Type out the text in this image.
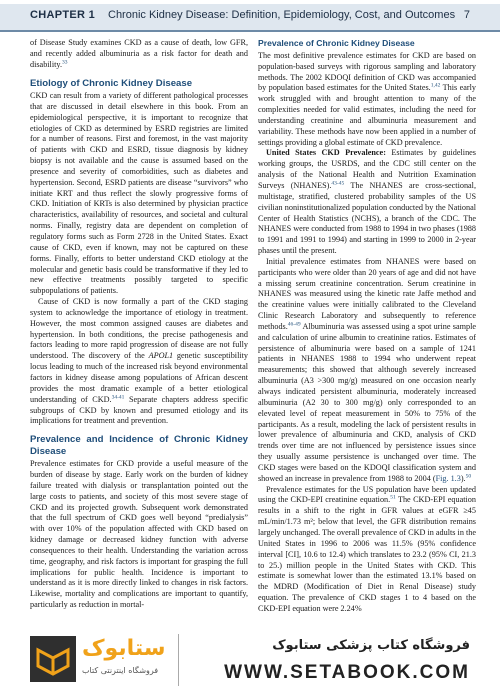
CHAPTER 1 Chronic Kidney Disease: Definition, Epidemiology, Cost, and Outcomes 7

of Disease Study examines CKD as a cause of death, low GFR, and recently added albuminuria as a risk factor for death and disability.$^{33}$

Etiology of Chronic Kidney Disease

CKD can result from a variety of different pathological processes that are discussed in detail elsewhere in this book. From an epidemiological perspective, it is important to recognize that etiologies of CKD as determined by ESRD registries are limited for a number of reasons. First and foremost, in the vast majority of patients with CKD and ESRD, tissue diagnosis by kidney biopsy is not available and the cause is assumed based on the presence and severity of comorbidities, such as diabetes and hypertension. Second, ESRD patients are disease “survivors” who initiate KRT and thus reflect the slowly progressive forms of CKD. Initiation of KRTs is also determined by physician practice characteristics, availability of resources, and societal and cultural norms. Finally, registry data are dependent on completion of regulatory forms such as Form 2728 in the United States. Exact cause of CKD, even if known, may not be captured on these forms. Finally, efforts to better understand CKD etiology at the molecular and genetic basis could be transformative if they led to new effective treatments possibly targeted to specific subpopulations of patients.

Cause of CKD is now formally a part of the CKD staging system to acknowledge the importance of etiology in treatment. However, the most common assigned causes are diabetes and hypertension. In both conditions, the precise pathogenesis and factors leading to more rapid progression of disease are not fully understood. The discovery of the APOL1 genetic susceptibility locus leading to much of the increased risk beyond environmental factors in kidney disease among populations of African descent provides the most dramatic example of a better etiological understanding of CKD.$^{34-41}$ Separate chapters address specific subgroups of CKD by known and presumed etiology and its implications for treatment and prevention.

Prevalence and Incidence of Chronic Kidney Disease

Prevalence estimates for CKD provide a useful measure of the burden of disease by stage. Early work on the burden of kidney failure treated with dialysis or transplantation pointed out the large costs to patients, and society of this most severe stage of CKD and its projected growth. Subsequent work demonstrated that the full spectrum of CKD goes well beyond “predialysis” with over 10% of the population affected with CKD based on kidney damage or decreased kidney function with adverse consequences to their health. Understanding the variation across time, geography, and risk factors is important for grasping the full implications for public health. Incidence is important to understand as it is more directly linked to changes in risk factors. Likewise, mortality and complications are important to quantify, particularly as reduction in mortal-

Prevalence of Chronic Kidney Disease

The most definitive prevalence estimates for CKD are based on population-based surveys with rigorous sampling and laboratory methods. The 2002 KDOQI definition of CKD was accompanied by population based estimates for the United States.$^{1,42}$ This early work struggled with and brought attention to many of the complexities needed for valid estimates, including the need for understanding creatinine and albuminuria measurement and variability. These methods have now been applied in a number of settings providing a global estimate of CKD prevalence.

United States CKD Prevalence: Estimates by guidelines working groups, the USRDS, and the CDC still center on the analysis of the National Health and Nutrition Examination Surveys (NHANES).$^{43-45}$ The NHANES are cross-sectional, multistage, stratified, clustered probability samples of the US civilian noninstitutionalized population conducted by the National Center of Health Statistics (NCHS), a branch of the CDC. The NHANES were conducted from 1988 to 1994 in two phases (1988 to 1991 and 1991 to 1994) and starting in 1999 to 2000 in 2-year phases until the present.

Initial prevalence estimates from NHANES were based on participants who were older than 20 years of age and did not have a missing serum creatinine concentration. Serum creatinine in NHANES was measured using the kinetic rate Jaffe method and the creatinine values were initially calibrated to the Cleveland Clinic Research Laboratory and subsequently to reference methods.$^{46-49}$ Albuminuria was assessed using a spot urine sample and calculation of urine albumin to creatinine ratios. Estimates of persistence of albuminuria were based on a sample of 1241 patients in NHANES 1988 to 1994 who underwent repeat measurements; this showed that although severely increased albuminuria (A3 >300 mg/g) measured on one occasion nearly always indicated persistent albuminuria, moderately increased albuminuria (A2 30 to 300 mg/g) only corresponded to an elevated level of repeat measurement in 50% to 75% of the participants. As a result, modeling the lack of persistent results in lower prevalence of albuminuria and CKD, analysis of CKD trends over time are not influenced by persistence issues since they usually assume persistence is unchanged over time. The CKD stages were based on the KDOQI classification system and showed an increase in prevalence from 1988 to 2004 (Fig. 1.3).$^{50}$

Prevalence estimates for the US population have been updated using the CKD-EPI creatinine equation.$^{51}$ The CKD-EPI equation results in a shift to the right in GFR values at eGFR ≥45 mL/min/1.73 m²; below that level, the GFR distribution remains largely unchanged. The overall prevalence of CKD in adults in the United States in 1996 to 2006 was 11.5% (95% confidence interval [CI], 10.6 to 12.4) which translates to 23.2 (95% CI, 21.3 to 25.) million people in the United States with CKD. This estimate is somewhat lower than the estimated 13.1% based on the MDRD (Modification of Diet in Renal Disease) study equation. The prevalence of CKD stages 1 to 4 based on the CKD-EPI equation were 2.24%

ستابوک
فروشگاه اینترنتی کتاب
فروشگاه کتاب پزشکی ستابوک
WWW.SETABOOK.COM
